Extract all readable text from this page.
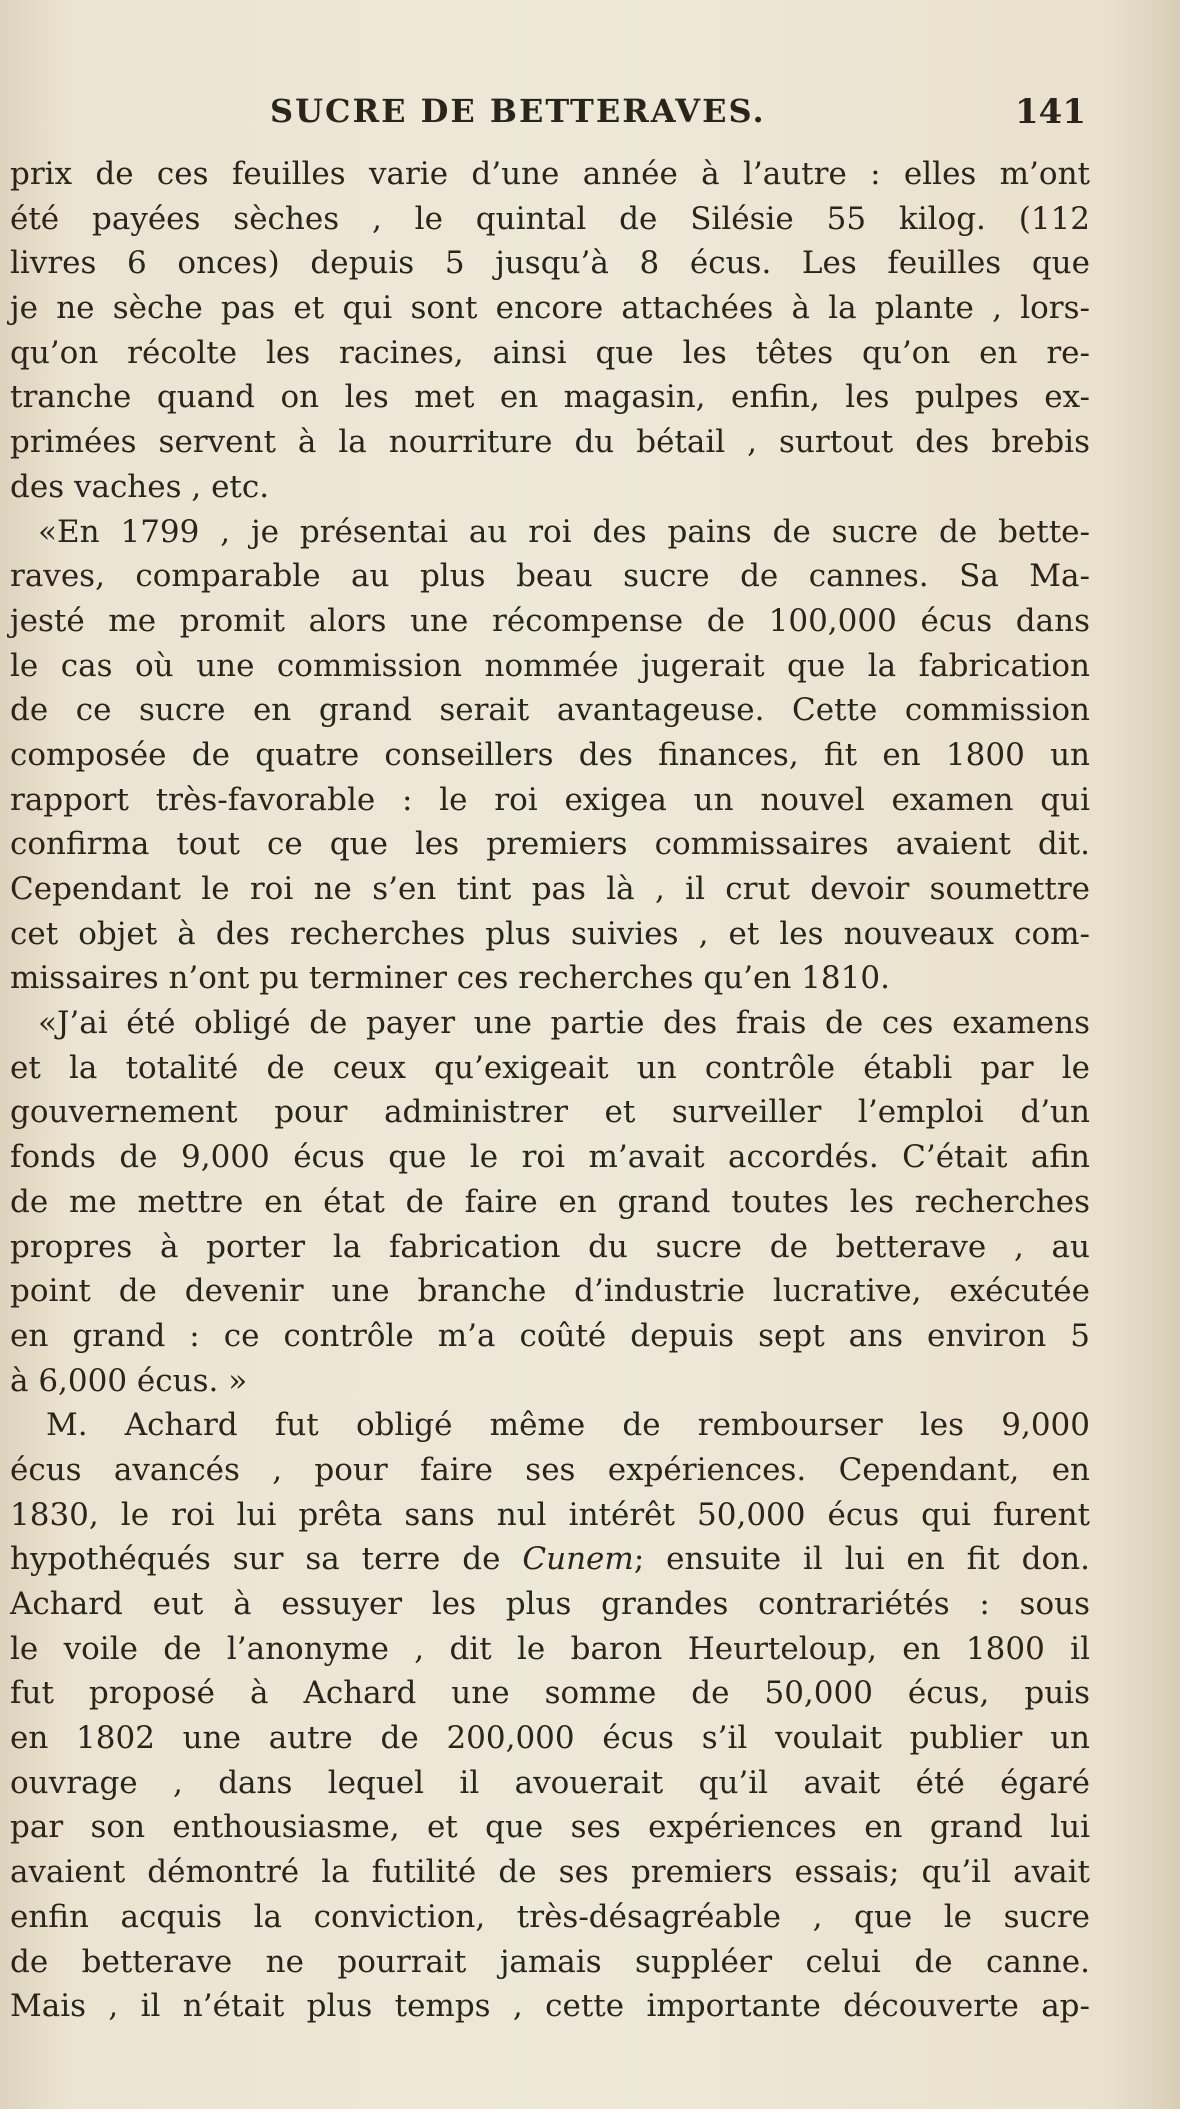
SUCRE DE BETTERAVES.	141
prix de ces feuilles varie d’une année à l’autre : elles m’ont
été payées sèches , le quintal de Silésie 55 kilog. (112
livres 6 onces) depuis 5 jusqu’à 8 écus. Les feuilles que
je ne sèche pas et qui sont encore attachées à la plante , lors-
qu’on récolte les racines, ainsi que les têtes qu’on en re-
tranche quand on les met en magasin, enfin, les pulpes ex-
primées servent à la nourriture du bétail , surtout des brebis
des vaches , etc.
«En 1799 , je présentai au roi des pains de sucre de bette-
raves, comparable au plus beau sucre de cannes. Sa Ma-
jesté me promit alors une récompense de 100,000 écus dans
le cas où une commission nommée jugerait que la fabrication
de ce sucre en grand serait avantageuse. Cette commission
composée de quatre conseillers des finances, fit en 1800 un
rapport très-favorable : le roi exigea un nouvel examen qui
confirma tout ce que les premiers commissaires avaient dit.
Cependant le roi ne s’en tint pas là , il crut devoir soumettre
cet objet à des recherches plus suivies , et les nouveaux com-
missaires n’ont pu terminer ces recherches qu’en 1810.
«J’ai été obligé de payer une partie des frais de ces examens
et la totalité de ceux qu’exigeait un contrôle établi par le
gouvernement pour administrer et surveiller l’emploi d’un
fonds de 9,000 écus que le roi m’avait accordés. C’était afin
de me mettre en état de faire en grand toutes les recherches
propres à porter la fabrication du sucre de betterave , au
point de devenir une branche d’industrie lucrative, exécutée
en grand : ce contrôle m’a coûté depuis sept ans environ 5
à 6,000 écus. »
M. Achard fut obligé même de rembourser les 9,000
écus avancés , pour faire ses expériences. Cependant, en
1830, le roi lui prêta sans nul intérêt 50,000 écus qui furent
hypothéqués sur sa terre de Cunem; ensuite il lui en fit don.
Achard eut à essuyer les plus grandes contrariétés : sous
le voile de l’anonyme , dit le baron Heurteloup, en 1800 il
fut proposé à Achard une somme de 50,000 écus, puis
en 1802 une autre de 200,000 écus s’il voulait publier un
ouvrage , dans lequel il avouerait qu’il avait été égaré
par son enthousiasme, et que ses expériences en grand lui
avaient démontré la futilité de ses premiers essais; qu’il avait
enfin acquis la conviction, très-désagréable , que le sucre
de betterave ne pourrait jamais suppléer celui de canne.
Mais , il n’était plus temps , cette importante découverte ap-
